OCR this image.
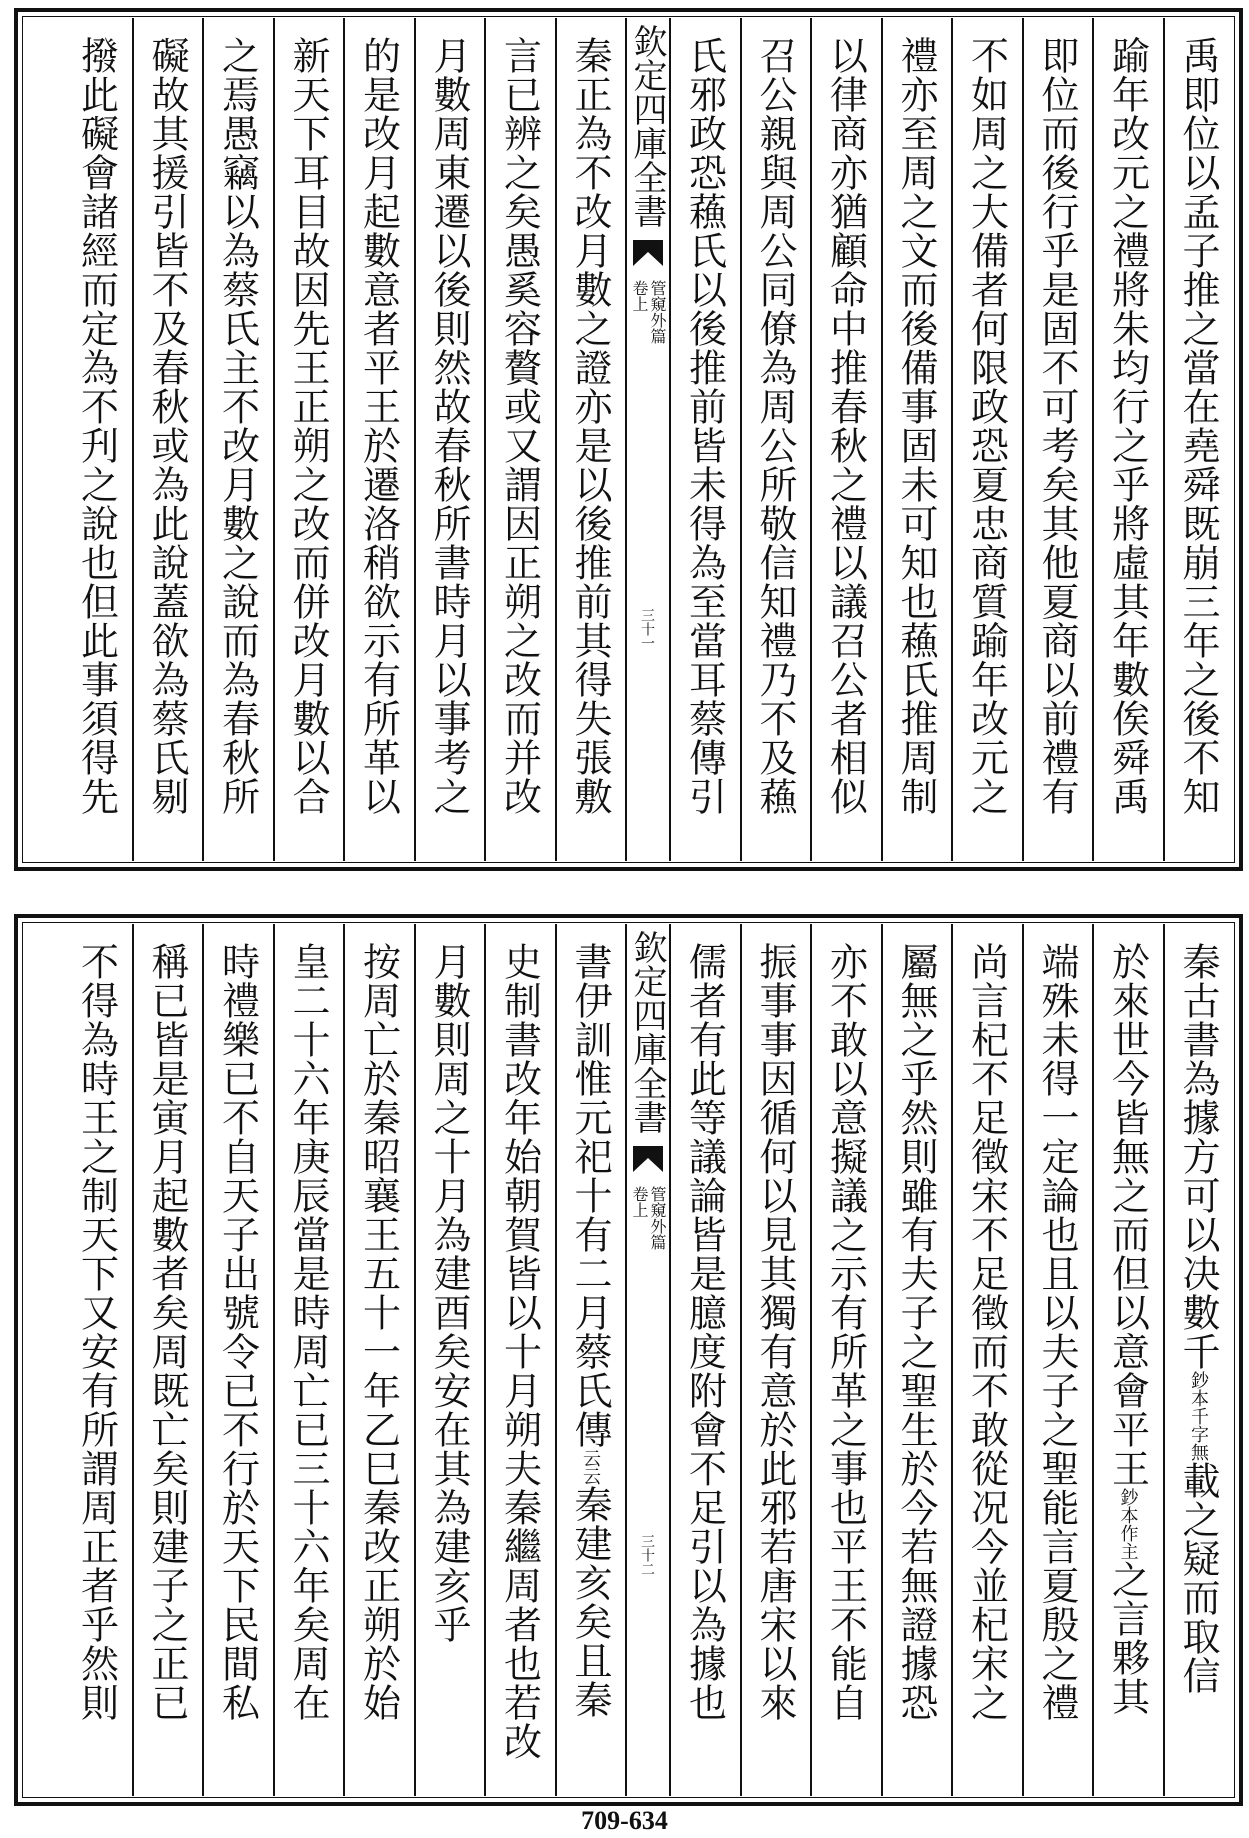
禹即位以孟子推之當在堯舜既崩三年之後不知
踰年改元之禮將朱均行之乎將虛其年數俟舜禹
即位而後行乎是固不可考矣其他夏商以前禮有
不如周之大備者何限政恐夏忠商質踰年改元之
禮亦至周之文而後備事固未可知也蘓氏推周制
以律商亦猶顧命中推春秋之禮以議召公者相似
召公親與周公同僚為周公所敬信知禮乃不及蘓
氏邪政恐蘓氏以後推前皆未得為至當耳蔡傳引
欽定四庫全書
管窺外篇
卷上
三十一
秦正為不改月數之證亦是以後推前其得失張敷
言已辨之矣愚奚容贅或又謂因正朔之改而并改
月數周東遷以後則然故春秋所書時月以事考之
的是改月起數意者平王於遷洛稍欲示有所革以
新天下耳目故因先王正朔之改而併改月數以合
之焉愚竊以為蔡氏主不改月數之說而為春秋所
礙故其援引皆不及春秋或為此說蓋欲為蔡氏剔
撥此礙會諸經而定為不刋之說也但此事須得先
秦古書為據方可以决數千鈔本千字無載之疑而取信
於來世今皆無之而但以意會平王鈔本作主之言夥其
端殊未得一定論也且以夫子之聖能言夏殷之禮
尚言杞不足徵宋不足徵而不敢從况今並杞宋之
屬無之乎然則雖有夫子之聖生於今若無證據恐
亦不敢以意擬議之示有所革之事也平王不能自
振事事因循何以見其獨有意於此邪若唐宋以來
儒者有此等議論皆是臆度附會不足引以為據也
欽定四庫全書
管窺外篇
卷上
三十二
書伊訓惟元祀十有二月蔡氏傳云云秦建亥矣且秦
史制書改年始朝賀皆以十月朔夫秦繼周者也若改
月數則周之十月為建酉矣安在其為建亥乎
按周亡於秦昭襄王五十一年乙巳秦改正朔於始
皇二十六年庚辰當是時周亡已三十六年矣周在
時禮樂已不自天子出號令已不行於天下民間私
稱已皆是寅月起數者矣周既亡矣則建子之正已
不得為時王之制天下又安有所謂周正者乎然則
709-634
